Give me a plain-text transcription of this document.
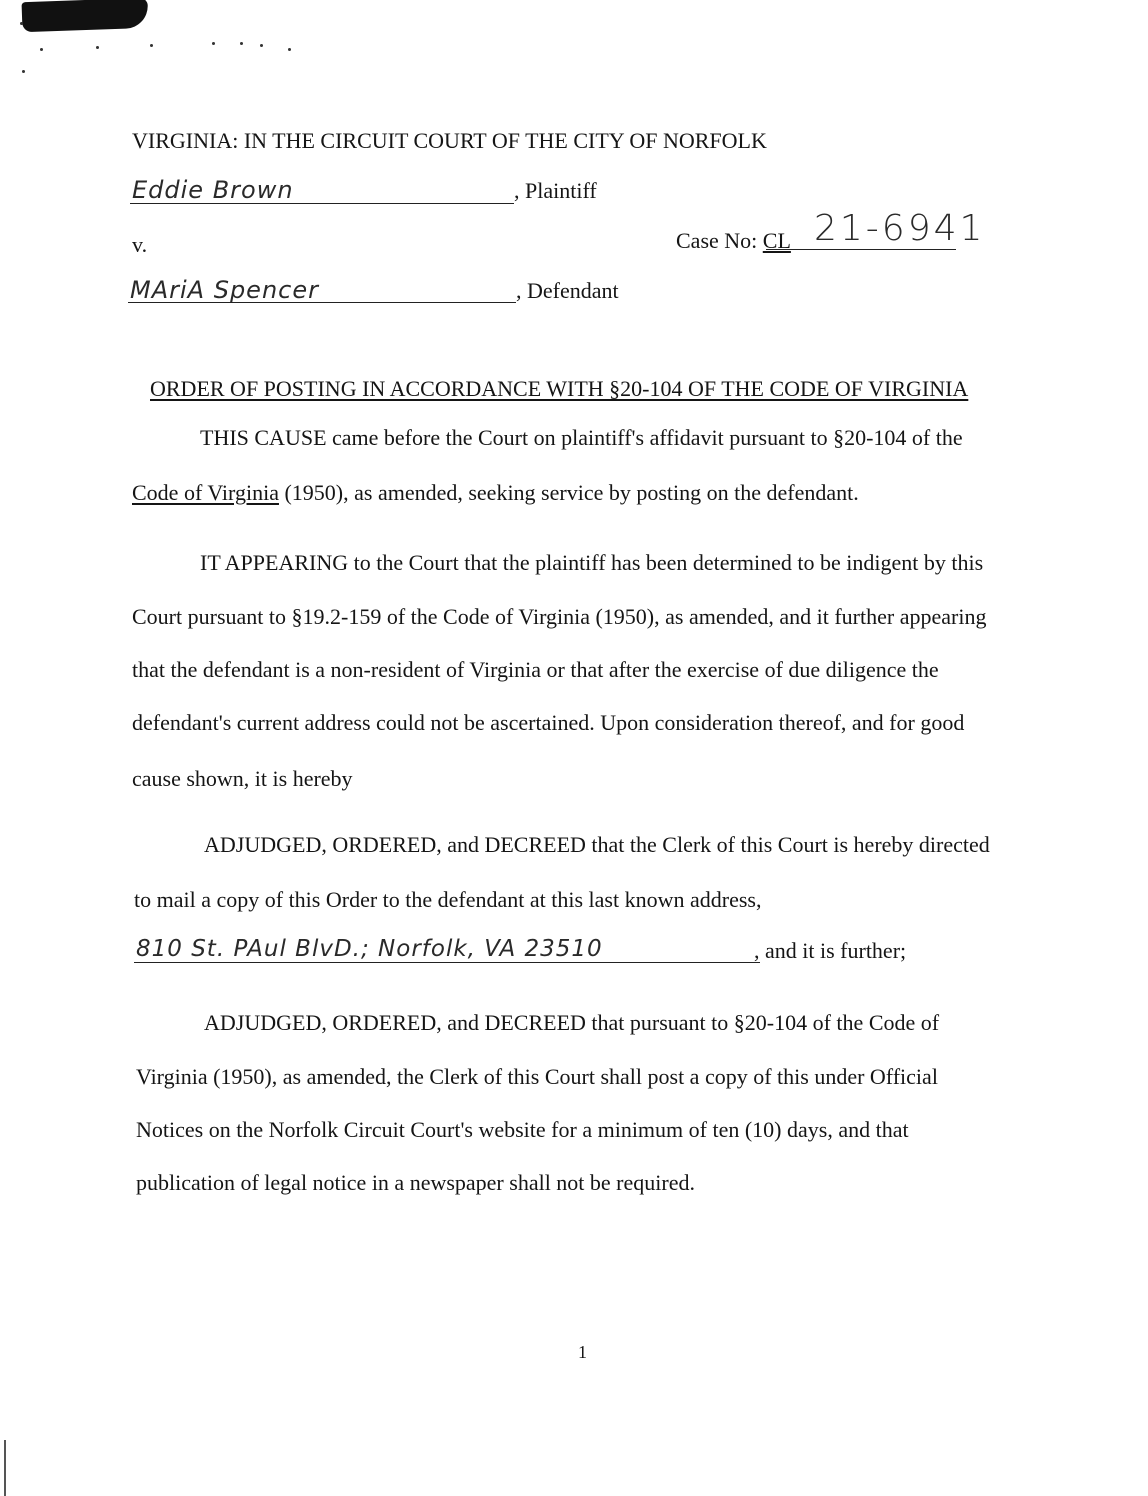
VIRGINIA: IN THE CIRCUIT COURT OF THE CITY OF NORFOLK
Eddie Brown	, Plaintiff
v.	Case No: CL 21-6941
MAriA Spencer	, Defendant
ORDER OF POSTING IN ACCORDANCE WITH §20-104 OF THE CODE OF VIRGINIA
THIS CAUSE came before the Court on plaintiff's affidavit pursuant to §20-104 of the
Code of Virginia (1950), as amended, seeking service by posting on the defendant.
IT APPEARING to the Court that the plaintiff has been determined to be indigent by this
Court pursuant to §19.2-159 of the Code of Virginia (1950), as amended, and it further appearing
that the defendant is a non-resident of Virginia or that after the exercise of due diligence the
defendant's current address could not be ascertained. Upon consideration thereof, and for good
cause shown, it is hereby
ADJUDGED, ORDERED, and DECREED that the Clerk of this Court is hereby directed
to mail a copy of this Order to the defendant at this last known address,
810 St. PAul BlvD.; Norfolk, VA 23510	, and it is further;
ADJUDGED, ORDERED, and DECREED that pursuant to §20-104 of the Code of
Virginia (1950), as amended, the Clerk of this Court shall post a copy of this under Official
Notices on the Norfolk Circuit Court's website for a minimum of ten (10) days, and that
publication of legal notice in a newspaper shall not be required.
1
